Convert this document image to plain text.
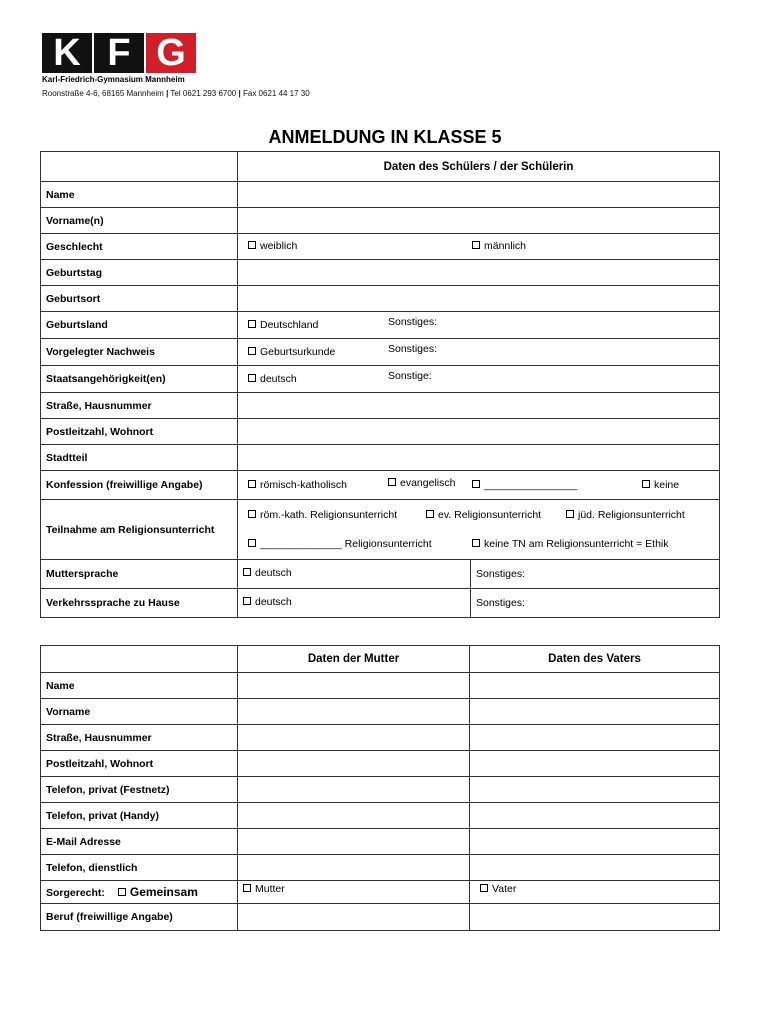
K F G
Karl-Friedrich-Gymnasium Mannheim
Roonstraße 4-6, 68165 Mannheim | Tel 0621 293 6700 | Fax 0621 44 17 30
ANMELDUNG IN KLASSE 5
	Daten des Schülers / der Schülerin	
Name		
Vorname(n)		
Geschlecht	weiblich männlich	

Geburtstag		
Geburtsort		
Geburtsland	Deutschland Sonstiges:	

Vorgelegter Nachweis	Geburtsurkunde Sonstiges:	

Staatsangehörigkeit(en)	deutsch Sonstige:	

Straße, Hausnummer		
Postleitzahl, Wohnort		
Stadtteil		
Konfession (freiwillige Angabe)	römisch-katholisch evangelisch ________________ keine	

Teilnahme am Religionsunterricht	röm.-kath. Religionsunterricht ev. Religionsunterricht jüd. Religionsunterricht
______________ Religionsunterricht keine TN am Religionsunterricht = Ethik	

Muttersprache	deutsch	Sonstiges:
Verkehrssprache zu Hause	deutsch	Sonstiges:
	Daten der Mutter	Daten des Vaters
Name		
Vorname		
Straße, Hausnummer		
Postleitzahl, Wohnort		
Telefon, privat (Festnetz)		
Telefon, privat (Handy)		
E-Mail Adresse		
Telefon, dienstlich		
Sorgerecht: Gemeinsam	Mutter	Vater
Beruf (freiwillige Angabe)		
